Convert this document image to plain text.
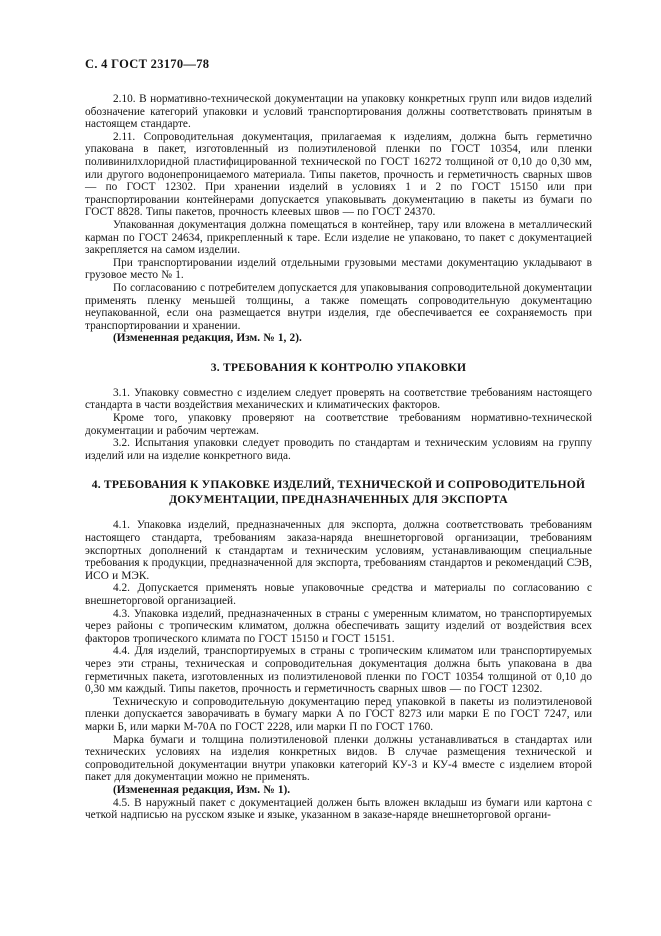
С. 4 ГОСТ 23170—78

2.10. В нормативно-технической документации на упаковку конкретных групп или видов изделий обозначение категорий упаковки и условий транспортирования должны соответствовать принятым в настоящем стандарте.

2.11. Сопроводительная документация, прилагаемая к изделиям, должна быть герметично упакована в пакет, изготовленный из полиэтиленовой пленки по ГОСТ 10354, или пленки поливинилхлоридной пластифицированной технической по ГОСТ 16272 толщиной от 0,10 до 0,30 мм, или другого водонепроницаемого материала. Типы пакетов, прочность и герметичность сварных швов — по ГОСТ 12302. При хранении изделий в условиях 1 и 2 по ГОСТ 15150 или при транспортировании контейнерами допускается упаковывать документацию в пакеты из бумаги по ГОСТ 8828. Типы пакетов, прочность клеевых швов — по ГОСТ 24370.

Упакованная документация должна помещаться в контейнер, тару или вложена в металлический карман по ГОСТ 24634, прикрепленный к таре. Если изделие не упаковано, то пакет с документацией закрепляется на самом изделии.

При транспортировании изделий отдельными грузовыми местами документацию укладывают в грузовое место № 1.

По согласованию с потребителем допускается для упаковывания сопроводительной документации применять пленку меньшей толщины, а также помещать сопроводительную документацию неупакованной, если она размещается внутри изделия, где обеспечивается ее сохраняемость при транспортировании и хранении.

(Измененная редакция, Изм. № 1, 2).

3. ТРЕБОВАНИЯ К КОНТРОЛЮ УПАКОВКИ

3.1. Упаковку совместно с изделием следует проверять на соответствие требованиям настоящего стандарта в части воздействия механических и климатических факторов.

Кроме того, упаковку проверяют на соответствие требованиям нормативно-технической документации и рабочим чертежам.

3.2. Испытания упаковки следует проводить по стандартам и техническим условиям на группу изделий или на изделие конкретного вида.

4. ТРЕБОВАНИЯ К УПАКОВКЕ ИЗДЕЛИЙ, ТЕХНИЧЕСКОЙ И СОПРОВОДИТЕЛЬНОЙ ДОКУМЕНТАЦИИ, ПРЕДНАЗНАЧЕННЫХ ДЛЯ ЭКСПОРТА

4.1. Упаковка изделий, предназначенных для экспорта, должна соответствовать требованиям настоящего стандарта, требованиям заказа-наряда внешнеторговой организации, требованиям экспортных дополнений к стандартам и техническим условиям, устанавливающим специальные требования к продукции, предназначенной для экспорта, требованиям стандартов и рекомендаций СЭВ, ИСО и МЭК.

4.2. Допускается применять новые упаковочные средства и материалы по согласованию с внешнеторговой организацией.

4.3. Упаковка изделий, предназначенных в страны с умеренным климатом, но транспортируемых через районы с тропическим климатом, должна обеспечивать защиту изделий от воздействия всех факторов тропического климата по ГОСТ 15150 и ГОСТ 15151.

4.4. Для изделий, транспортируемых в страны с тропическим климатом или транспортируемых через эти страны, техническая и сопроводительная документация должна быть упакована в два герметичных пакета, изготовленных из полиэтиленовой пленки по ГОСТ 10354 толщиной от 0,10 до 0,30 мм каждый. Типы пакетов, прочность и герметичность сварных швов — по ГОСТ 12302.

Техническую и сопроводительную документацию перед упаковкой в пакеты из полиэтиленовой пленки допускается заворачивать в бумагу марки А по ГОСТ 8273 или марки Е по ГОСТ 7247, или марки Б, или марки М-70А по ГОСТ 2228, или марки П по ГОСТ 1760.

Марка бумаги и толщина полиэтиленовой пленки должны устанавливаться в стандартах или технических условиях на изделия конкретных видов. В случае размещения технической и сопроводительной документации внутри упаковки категорий КУ-3 и КУ-4 вместе с изделием второй пакет для документации можно не применять.

(Измененная редакция, Изм. № 1).

4.5. В наружный пакет с документацией должен быть вложен вкладыш из бумаги или картона с четкой надписью на русском языке и языке, указанном в заказе-наряде внешнеторговой органи-
